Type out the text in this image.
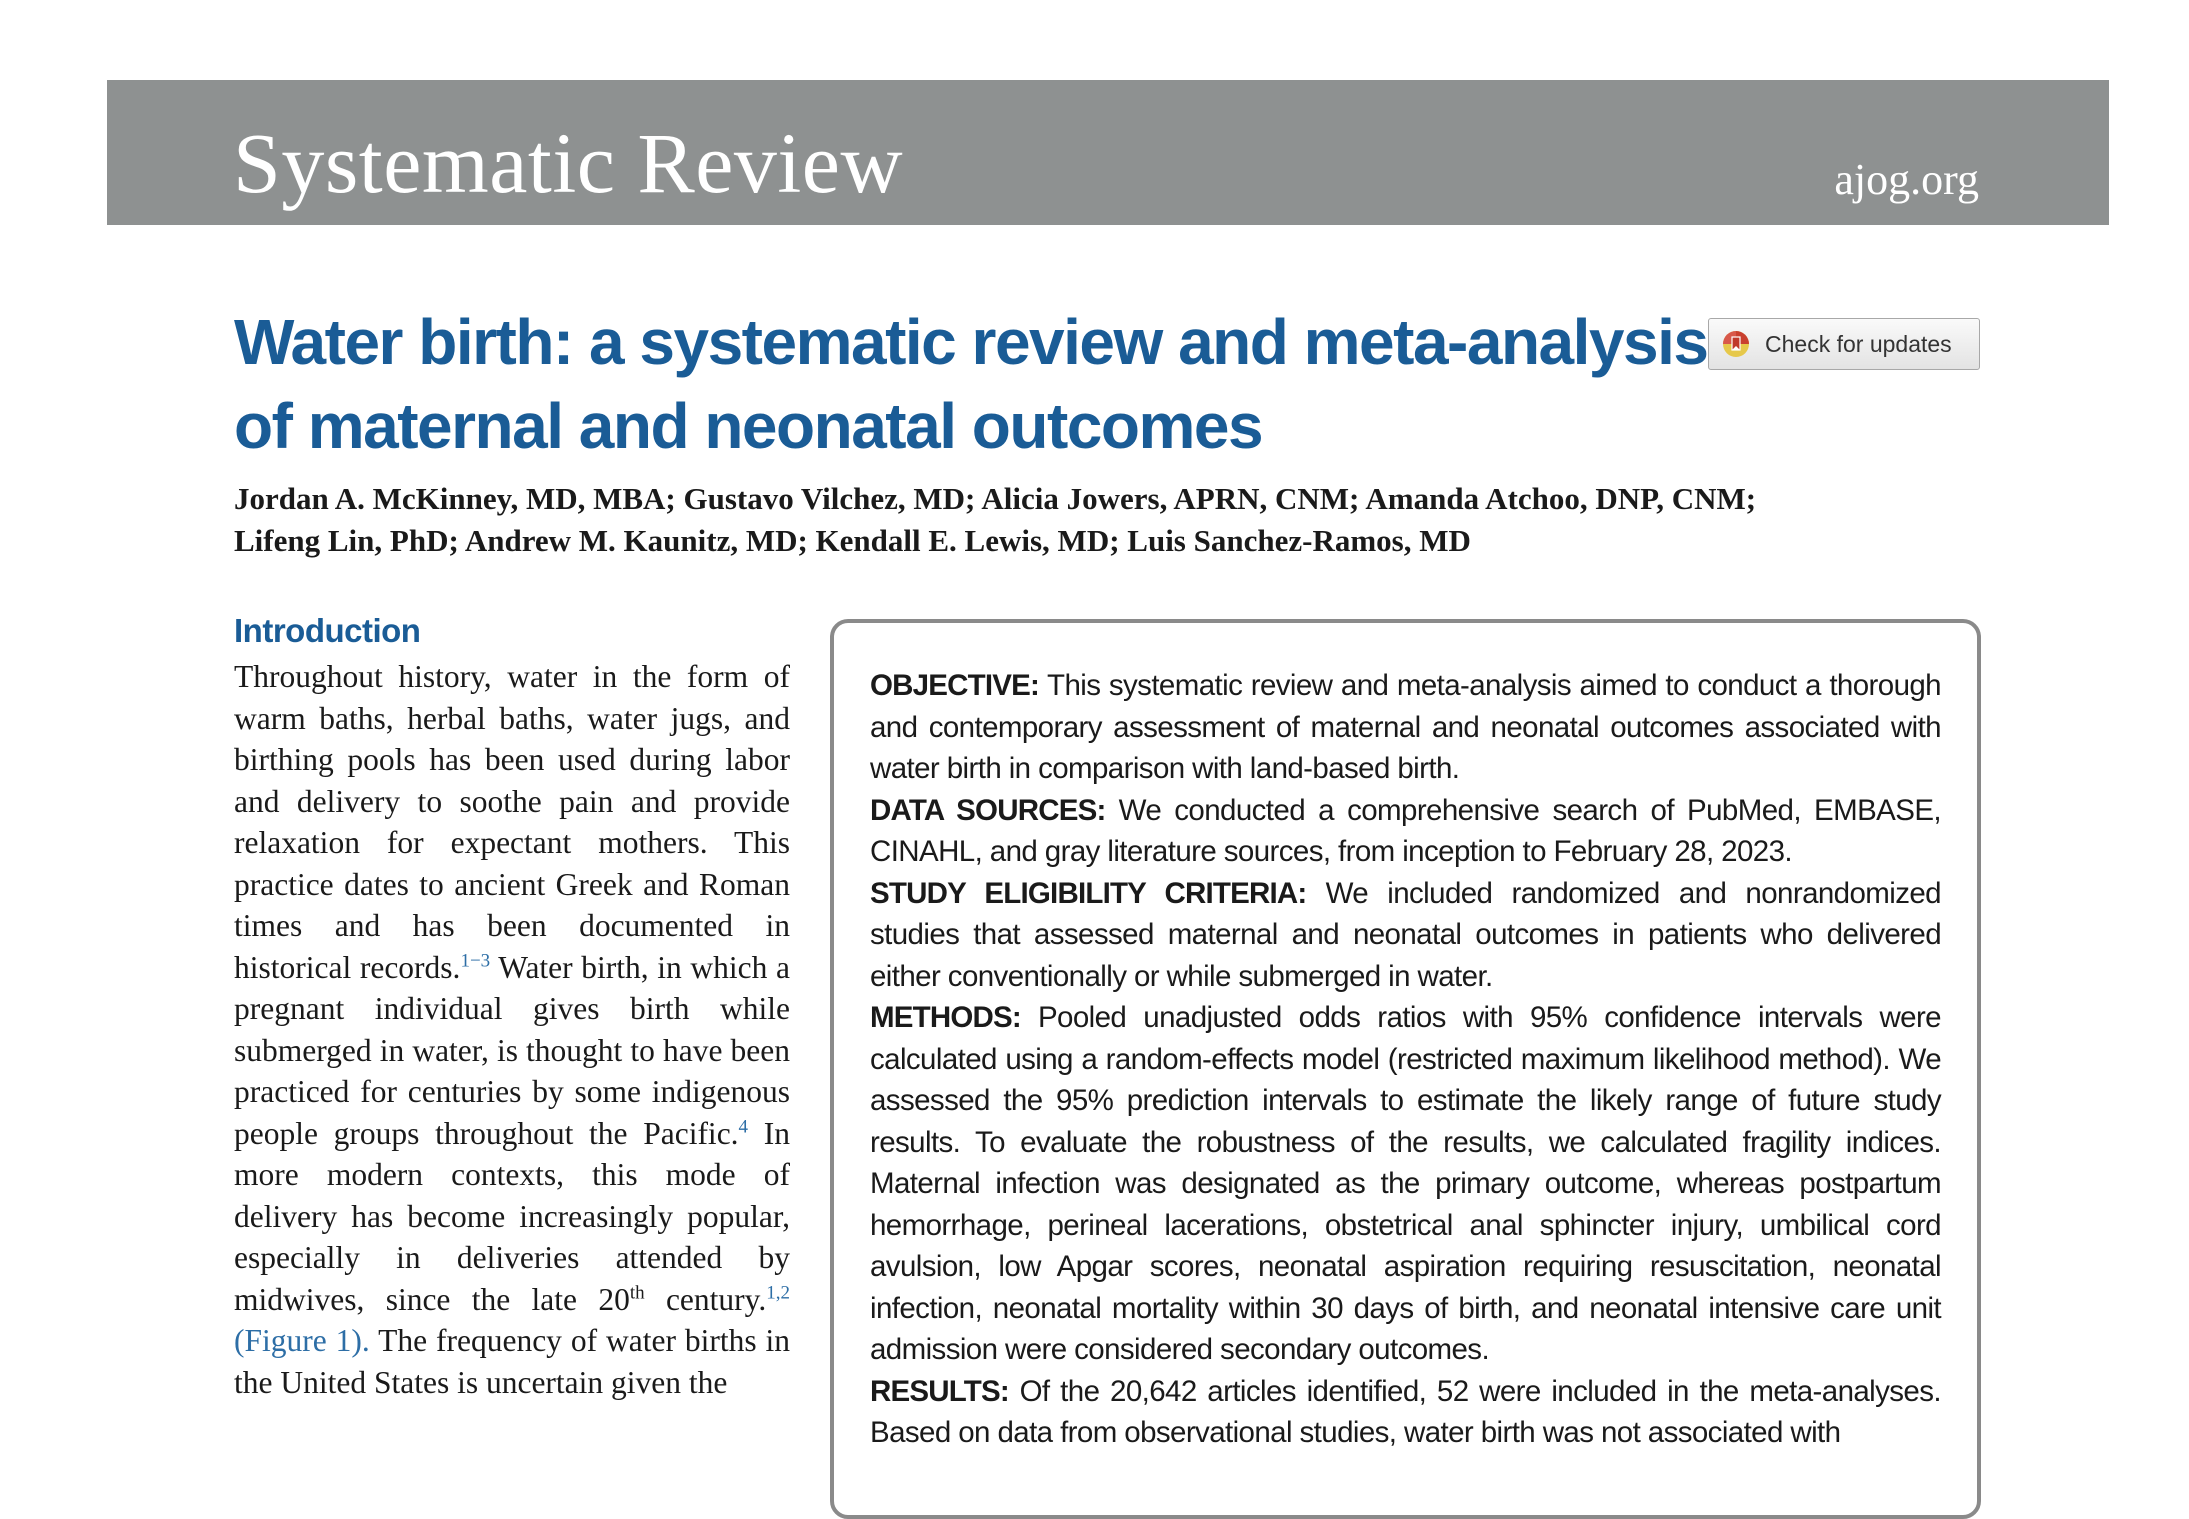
Systematic Review	ajog.org
Water birth: a systematic review and meta-analysis of maternal and neonatal outcomes
Check for updates
Jordan A. McKinney, MD, MBA; Gustavo Vilchez, MD; Alicia Jowers, APRN, CNM; Amanda Atchoo, DNP, CNM;
Lifeng Lin, PhD; Andrew M. Kaunitz, MD; Kendall E. Lewis, MD; Luis Sanchez-Ramos, MD
Introduction
Throughout history, water in the form of warm baths, herbal baths, water jugs, and birthing pools has been used during labor and delivery to soothe pain and provide relaxation for expectant mothers. This practice dates to ancient Greek and Roman times and has been documented in historical records.$^{1-3}$ Water birth, in which a pregnant individual gives birth while submerged in water, is thought to have been practiced for centuries by some indigenous people groups throughout the Pacific.$^4$ In more modern contexts, this mode of delivery has become increasingly popular, especially in deliveries attended by midwives, since the late 20th century.$^{1,2}$ (Figure 1). The frequency of water births in the United States is uncertain given the

OBJECTIVE: This systematic review and meta-analysis aimed to conduct a thorough and contemporary assessment of maternal and neonatal outcomes associated with water birth in comparison with land-based birth.

DATA SOURCES: We conducted a comprehensive search of PubMed, EMBASE, CINAHL, and gray literature sources, from inception to February 28, 2023.

STUDY ELIGIBILITY CRITERIA: We included randomized and nonrandomized studies that assessed maternal and neonatal outcomes in patients who delivered either conventionally or while submerged in water.

METHODS: Pooled unadjusted odds ratios with 95% confidence intervals were calculated using a random-effects model (restricted maximum likelihood method). We assessed the 95% prediction intervals to estimate the likely range of future study results. To evaluate the robustness of the results, we calculated fragility indices. Maternal infection was designated as the primary outcome, whereas postpartum hemorrhage, perineal lacerations, obstetrical anal sphincter injury, umbilical cord avulsion, low Apgar scores, neonatal aspiration requiring resuscitation, neonatal infection, neonatal mortality within 30 days of birth, and neonatal intensive care unit admission were considered secondary outcomes.

RESULTS: Of the 20,642 articles identified, 52 were included in the meta-analyses. Based on data from observational studies, water birth was not associated with
